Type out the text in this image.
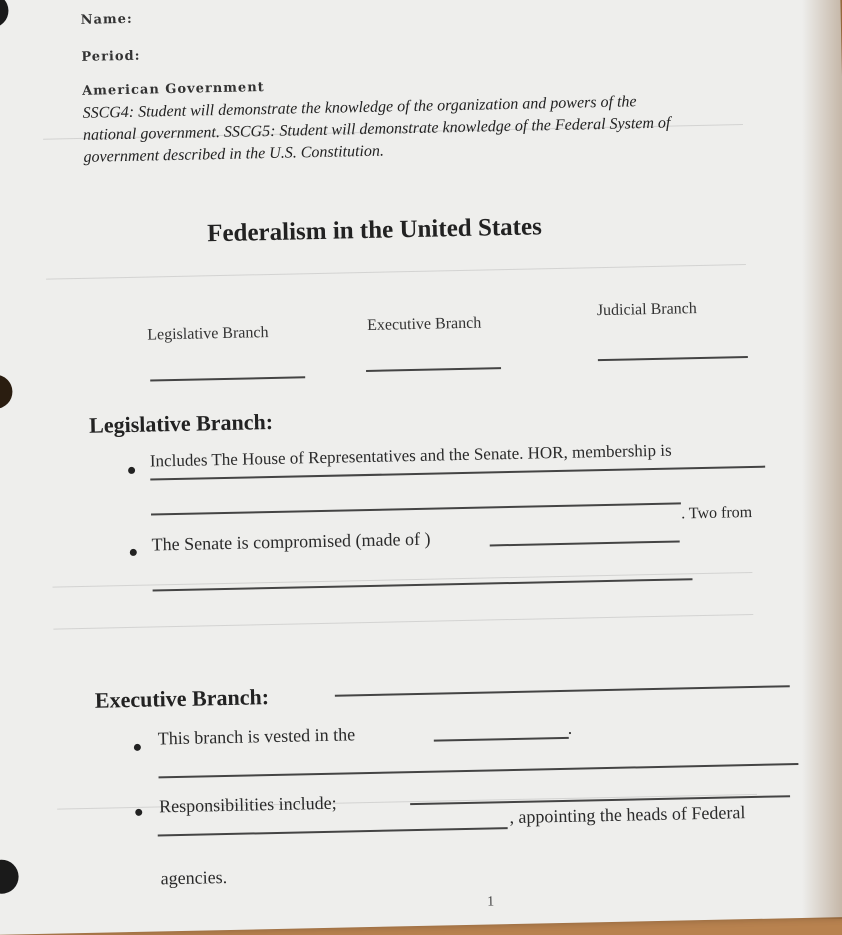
Name:
Period:
American Government
SSCG4: Student will demonstrate the knowledge of the organization and powers of the national government. SSCG5: Student will demonstrate knowledge of the Federal System of government described in the U.S. Constitution.
Federalism in the United States
Legislative Branch	Executive Branch
Judicial Branch
Legislative Branch:
Includes The House of Representatives and the Senate. HOR, membership is
The Senate is compromised (made of )
. Two from
Executive Branch:
This branch is vested in the	.
Responsibilities include;	, appointing the heads of Federal
agencies.
1
